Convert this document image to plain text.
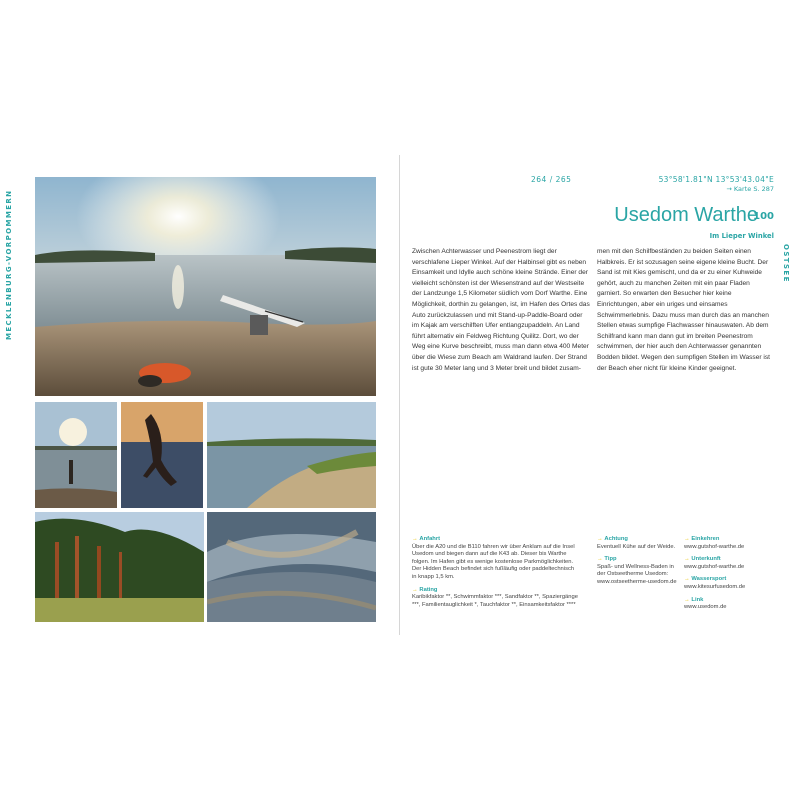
MECKLENBURG-VORPOMMERN
264 / 265	53°58'1.81"N 13°53'43.04"E
→ Karte S. 287
Usedom Warthe
100
Im Lieper Winkel
OSTSEE
Zwischen Achterwasser und Peenestrom liegt der verschlafene Lieper Winkel. Auf der Halbinsel gibt es neben Einsamkeit und Idylle auch schöne kleine Strände. Einer der vielleicht schönsten ist der Wiesenstrand auf der Westseite der Landzunge 1,5 Kilometer südlich vom Dorf Warthe. Eine Möglichkeit, dorthin zu gelangen, ist, im Hafen des Ortes das Auto zurückzulassen und mit Stand-up-Paddle-Board oder im Kajak am verschilften Ufer entlangzupaddeln. An Land führt alternativ ein Feldweg Richtung Quilitz. Dort, wo der Weg eine Kurve beschreibt, muss man dann etwa 400 Meter über die Wiese zum Beach am Waldrand laufen. Der Strand ist gute 30 Meter lang und 3 Meter breit und bildet zusam-
men mit den Schilfbeständen zu beiden Seiten einen Halbkreis. Er ist sozusagen seine eigene kleine Bucht. Der Sand ist mit Kies gemischt, und da er zu einer Kuhweide gehört, auch zu manchen Zeiten mit ein paar Fladen garniert. So erwarten den Besucher hier keine Einrichtungen, aber ein uriges und einsames Schwimmerlebnis. Dazu muss man durch das an manchen Stellen etwas sumpfige Flachwasser hinauswaten. Ab dem Schilfrand kann man dann gut im breiten Peenestrom schwimmen, der hier auch den Achterwasser genannten Bodden bildet. Wegen den sumpfigen Stellen im Wasser ist der Beach eher nicht für kleine Kinder geeignet.
→ Anfahrt
Über die A20 und die B110 fahren wir über Anklam auf die Insel Usedom und biegen dann auf die K43 ab. Dieser bis Warthe folgen. Im Hafen gibt es wenige kostenlose Parkmöglichkeiten. Der Hidden Beach befindet sich fußläufig oder paddeltechnisch in knapp 1,5 km.
→ Rating
Karibikfaktor **, Schwimmfaktor ***, Sandfaktor **, Spaziergänge ***, Familientauglichkeit *, Tauchfaktor **, Einsamkeitsfaktor ****
→ Achtung
Eventuell Kühe auf der Weide.
→ Tipp
Spaß- und Wellness-Baden in der Ostseetherme Usedom: www.ostseetherme-usedom.de
→ Einkehren
www.gutshof-warthe.de
→ Unterkunft
www.gutshof-warthe.de
→ Wassersport
www.kitesurfusedom.de
→ Link
www.usedom.de
